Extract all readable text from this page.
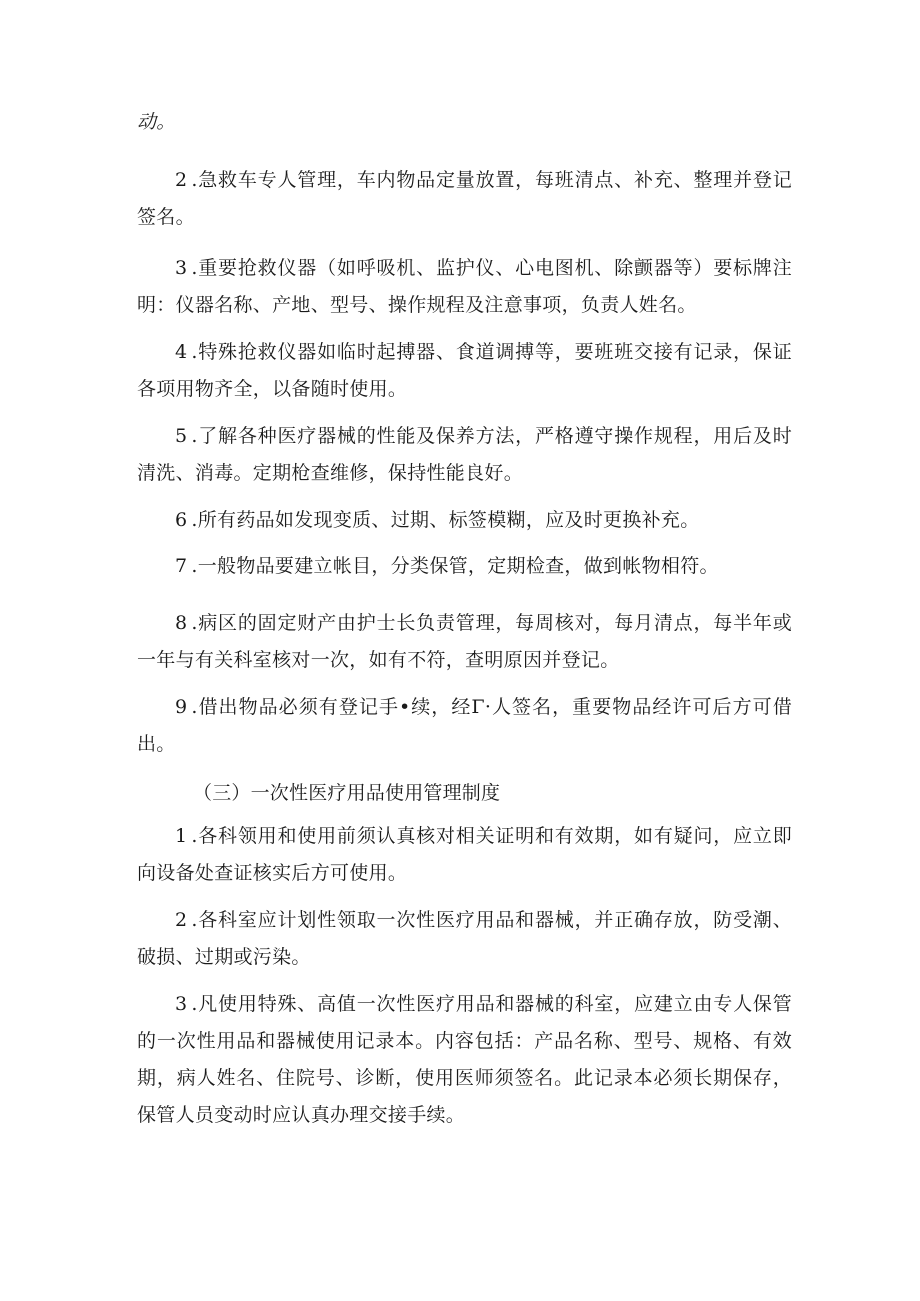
动。

2 .急救车专人管理，车内物品定量放置，每班清点、补充、整理并登记签名。

3 .重要抢救仪器（如呼吸机、监护仪、心电图机、除颤器等）要标牌注明：仪器名称、产地、型号、操作规程及注意事项，负责人姓名。

4 .特殊抢救仪器如临时起搏器、食道调搏等，要班班交接有记录，保证各项用物齐全，以备随时使用。

5 .了解各种医疗器械的性能及保养方法，严格遵守操作规程，用后及时清洗、消毒。定期枪查维修，保持性能良好。

6 .所有药品如发现变质、过期、标签模糊，应及时更换补充。

7 .一般物品要建立帐目，分类保管，定期检查，做到帐物相符。

8 .病区的固定财产由护士长负责管理，每周核对，每月清点，每半年或一年与有关科室核对一次，如有不符，查明原因并登记。

9 .借出物品必须有登记手•续，经Γ·人签名，重要物品经许可后方可借出。

（三）一次性医疗用品使用管理制度

1 .各科领用和使用前须认真核对相关证明和有效期，如有疑问，应立即向设备处查证核实后方可使用。

2 .各科室应计划性领取一次性医疗用品和器械，并正确存放，防受潮、破损、过期或污染。

3 .凡使用特殊、高值一次性医疗用品和器械的科室，应建立由专人保管的一次性用品和器械使用记录本。内容包括：产品名称、型号、规格、有效期，病人姓名、住院号、诊断，使用医师须签名。此记录本必须长期保存，保管人员变动时应认真办理交接手续。
